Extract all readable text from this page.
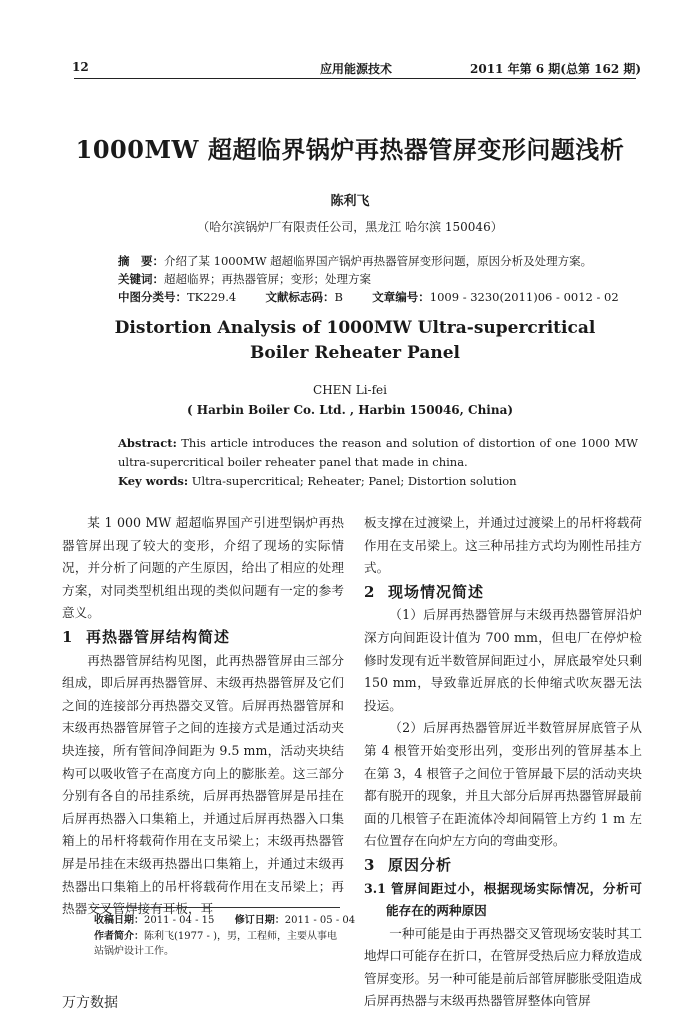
12	应用能源技术	2011 年第 6 期(总第 162 期)
1000MW 超超临界锅炉再热器管屏变形问题浅析
陈利飞
（哈尔滨锅炉厂有限责任公司，黑龙江 哈尔滨 150046）
摘　要：介绍了某 1000MW 超超临界国产锅炉再热器管屏变形问题，原因分析及处理方案。
关键词：超超临界；再热器管屏；变形；处理方案
中图分类号：TK229.4	文献标志码：B	文章编号：1009 - 3230(2011)06 - 0012 - 02
Distortion Analysis of 1000MW Ultra-supercritical
Boiler Reheater Panel
CHEN Li-fei
( Harbin Boiler Co. Ltd. , Harbin 150046, China)
Abstract: This article introduces the reason and solution of distortion of one 1000 MW ultra-supercritical boiler reheater panel that made in china.
Key words: Ultra-supercritical; Reheater; Panel; Distortion solution

某 1 000 MW 超超临界国产引进型锅炉再热器管屏出现了较大的变形，介绍了现场的实际情况，并分析了问题的产生原因，给出了相应的处理方案，对同类型机组出现的类似问题有一定的参考意义。

1 再热器管屏结构简述

再热器管屏结构见图，此再热器管屏由三部分组成，即后屏再热器管屏、末级再热器管屏及它们之间的连接部分再热器交叉管。后屏再热器管屏和末级再热器管屏管子之间的连接方式是通过活动夹块连接，所有管间净间距为 9.5 mm，活动夹块结构可以吸收管子在高度方向上的膨胀差。这三部分分别有各自的吊挂系统，后屏再热器管屏是吊挂在后屏再热器入口集箱上，并通过后屏再热器入口集箱上的吊杆将载荷作用在支吊梁上；末级再热器管屏是吊挂在末级再热器出口集箱上，并通过末级再热器出口集箱上的吊杆将载荷作用在支吊梁上；再热器交叉管焊接有耳板，耳

板支撑在过渡梁上，并通过过渡梁上的吊杆将载荷作用在支吊梁上。这三种吊挂方式均为刚性吊挂方式。

2 现场情况简述

（1）后屏再热器管屏与末级再热器管屏沿炉深方向间距设计值为 700 mm，但电厂在停炉检修时发现有近半数管屏间距过小，屏底最窄处只剩 150 mm，导致靠近屏底的长伸缩式吹灰器无法投运。

（2）后屏再热器管屏近半数管屏屏底管子从第 4 根管开始变形出列，变形出列的管屏基本上在第 3，4 根管子之间位于管屏最下层的活动夹块都有脱开的现象，并且大部分后屏再热器管屏最前面的几根管子在距流体冷却间隔管上方约 1 m 左右位置存在向炉左方向的弯曲变形。

3 原因分析

3.1 管屏间距过小，根据现场实际情况，分析可能存在的两种原因

一种可能是由于再热器交叉管现场安装时其工地焊口可能存在折口，在管屏受热后应力释放造成管屏变形。另一种可能是前后部管屏膨胀受阻造成后屏再热器与末级再热器管屏整体向管屏

收稿日期：2011 - 04 - 15 修订日期：2011 - 05 - 04
作者简介：陈利飞(1977 - )，男，工程师，主要从事电站锅炉设计工作。
万方数据
